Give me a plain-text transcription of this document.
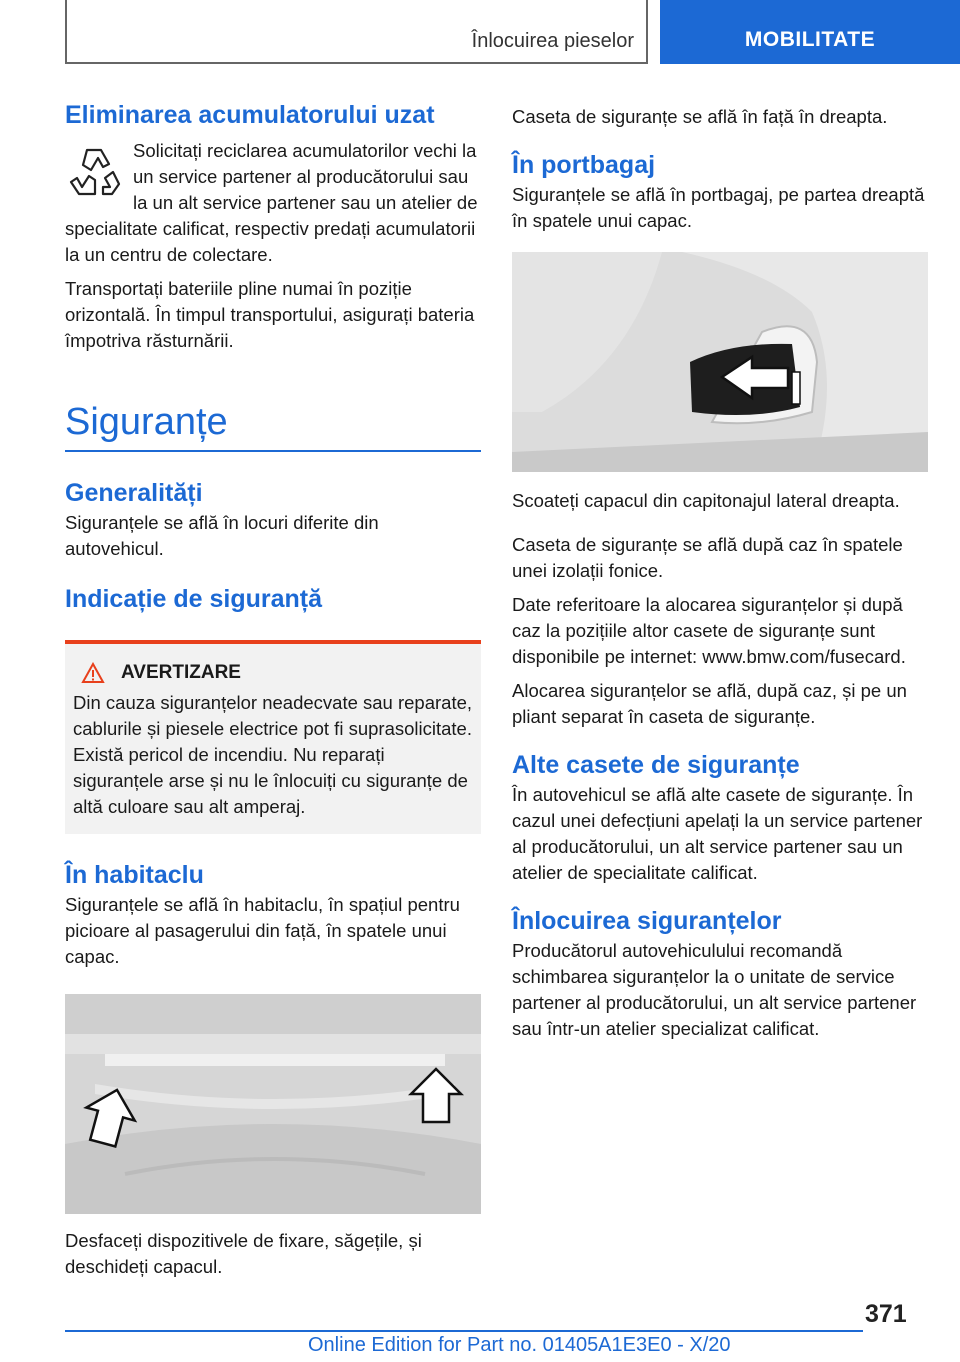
Înlocuirea pieselor	MOBILITATE
Eliminarea acumulatorului uzat

Solicitați reciclarea acumulatorilor vechi la un service partener al producătorului sau la un alt service partener sau un atelier de specialitate calificat, respectiv predați acumulatorii la un centru de colectare.

Transportați bateriile pline numai în poziție orizontală. În timpul transportului, asigurați bateria împotriva răsturnării.

Siguranțe
Generalități

Siguranțele se află în locuri diferite din autovehicul.

Indicație de siguranță
AVERTIZARE
Din cauza siguranțelor neadecvate sau reparate, cablurile și piesele electrice pot fi suprasolicitate. Există pericol de incendiu. Nu reparați siguranțele arse și nu le înlocuiți cu siguranțe de altă culoare sau alt amperaj.
În habitaclu

Siguranțele se află în habitaclu, în spațiul pentru picioare al pasagerului din față, în spatele unui capac.

Desfaceți dispozitivele de fixare, săgețile, și deschideți capacul.

Caseta de siguranțe se află în față în dreapta.

În portbagaj

Siguranțele se află în portbagaj, pe partea dreaptă în spatele unui capac.

Scoateți capacul din capitonajul lateral dreapta.

Caseta de siguranțe se află după caz în spatele unei izolații fonice.

Date referitoare la alocarea siguranțelor și după caz la pozițiile altor casete de siguranțe sunt disponibile pe internet: www.bmw.com/fusecard.

Alocarea siguranțelor se află, după caz, și pe un pliant separat în caseta de siguranțe.

Alte casete de siguranțe

În autovehicul se află alte casete de siguranțe. În cazul unei defecțiuni apelați la un service partener al producătorului, un alt service partener sau un atelier de specialitate calificat.

Înlocuirea siguranțelor

Producătorul autovehiculului recomandă schimbarea siguranțelor la o unitate de service partener al producătorului, un alt service partener sau într-un atelier specializat calificat.

371
Online Edition for Part no. 01405A1E3E0 - X/20
